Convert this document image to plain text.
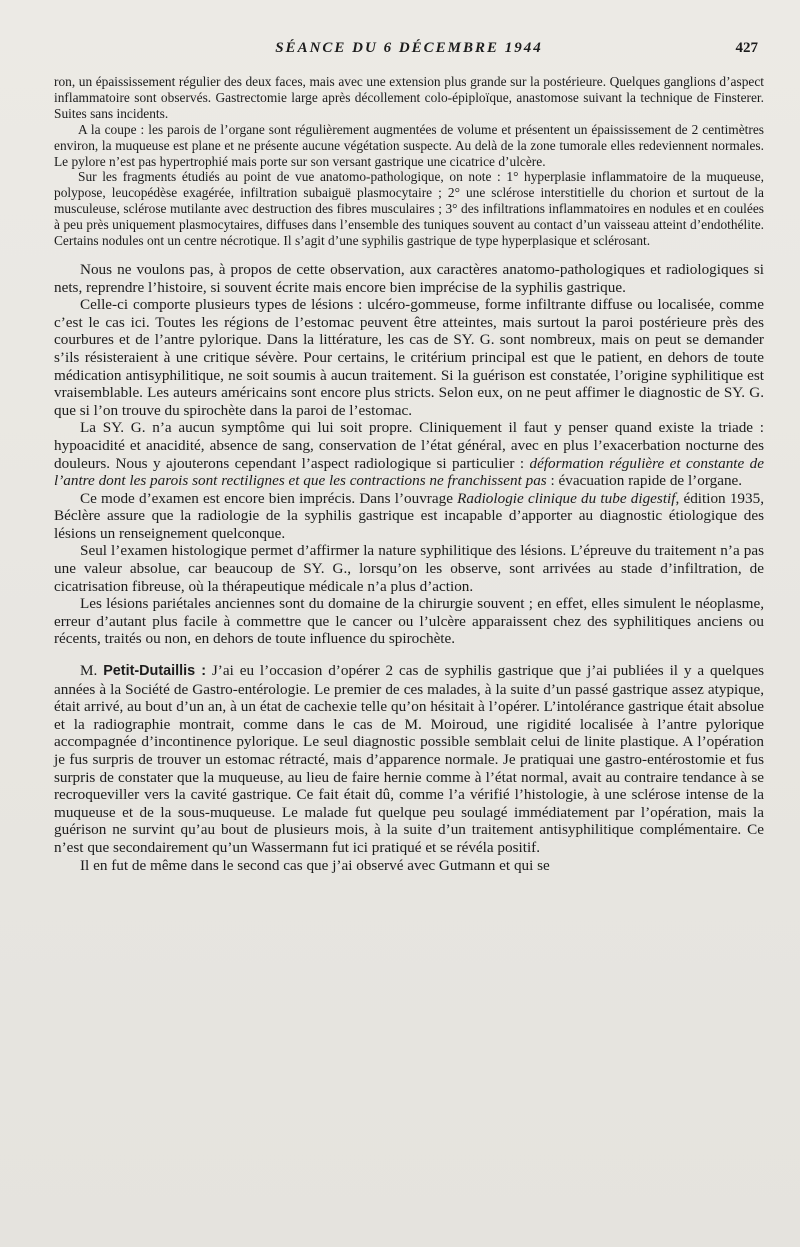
SÉANCE DU 6 DÉCEMBRE 1944	427

ron, un épaississement régulier des deux faces, mais avec une extension plus grande sur la postérieure. Quelques ganglions d’aspect inflammatoire sont observés. Gastrectomie large après décollement colo-épiploïque, anastomose suivant la technique de Finsterer. Suites sans incidents.

A la coupe : les parois de l’organe sont régulièrement augmentées de volume et présentent un épaississement de 2 centimètres environ, la muqueuse est plane et ne présente aucune végétation suspecte. Au delà de la zone tumorale elles redeviennent normales. Le pylore n’est pas hypertrophié mais porte sur son versant gastrique une cicatrice d’ulcère.

Sur les fragments étudiés au point de vue anatomo-pathologique, on note : 1° hyperplasie inflammatoire de la muqueuse, polypose, leucopédèse exagérée, infiltration subaiguë plasmocytaire ; 2° une sclérose interstitielle du chorion et surtout de la musculeuse, sclérose mutilante avec destruction des fibres musculaires ; 3° des infiltrations inflammatoires en nodules et en coulées à peu près uniquement plasmocytaires, diffuses dans l’ensemble des tuniques souvent au contact d’un vaisseau atteint d’endothélite. Certains nodules ont un centre nécrotique. Il s’agit d’une syphilis gastrique de type hyperplasique et sclérosant.

Nous ne voulons pas, à propos de cette observation, aux caractères anatomo-pathologiques et radiologiques si nets, reprendre l’histoire, si souvent écrite mais encore bien imprécise de la syphilis gastrique.

Celle-ci comporte plusieurs types de lésions : ulcéro-gommeuse, forme infiltrante diffuse ou localisée, comme c’est le cas ici. Toutes les régions de l’estomac peuvent être atteintes, mais surtout la paroi postérieure près des courbures et de l’antre pylorique. Dans la littérature, les cas de SY. G. sont nombreux, mais on peut se demander s’ils résisteraient à une critique sévère. Pour certains, le critérium principal est que le patient, en dehors de toute médication antisyphilitique, ne soit soumis à aucun traitement. Si la guérison est constatée, l’origine syphilitique est vraisemblable. Les auteurs américains sont encore plus stricts. Selon eux, on ne peut affimer le diagnostic de SY. G. que si l’on trouve du spirochète dans la paroi de l’estomac.

La SY. G. n’a aucun symptôme qui lui soit propre. Cliniquement il faut y penser quand existe la triade : hypoacidité et anacidité, absence de sang, conservation de l’état général, avec en plus l’exacerbation nocturne des douleurs. Nous y ajouterons cependant l’aspect radiologique si particulier : déformation régulière et constante de l’antre dont les parois sont rectilignes et que les contractions ne franchissent pas : évacuation rapide de l’organe.

Ce mode d’examen est encore bien imprécis. Dans l’ouvrage Radiologie clinique du tube digestif, édition 1935, Béclère assure que la radiologie de la syphilis gastrique est incapable d’apporter au diagnostic étiologique des lésions un renseignement quelconque.

Seul l’examen histologique permet d’affirmer la nature syphilitique des lésions. L’épreuve du traitement n’a pas une valeur absolue, car beaucoup de SY. G., lorsqu’on les observe, sont arrivées au stade d’infiltration, de cicatrisation fibreuse, où la thérapeutique médicale n’a plus d’action.

Les lésions pariétales anciennes sont du domaine de la chirurgie souvent ; en effet, elles simulent le néoplasme, erreur d’autant plus facile à commettre que le cancer ou l’ulcère apparaissent chez des syphilitiques anciens ou récents, traités ou non, en dehors de toute influence du spirochète.

M. Petit-Dutaillis : J’ai eu l’occasion d’opérer 2 cas de syphilis gastrique que j’ai publiées il y a quelques années à la Société de Gastro-entérologie. Le premier de ces malades, à la suite d’un passé gastrique assez atypique, était arrivé, au bout d’un an, à un état de cachexie telle qu’on hésitait à l’opérer. L’intolérance gastrique était absolue et la radiographie montrait, comme dans le cas de M. Moiroud, une rigidité localisée à l’antre pylorique accompagnée d’incontinence pylorique. Le seul diagnostic possible semblait celui de linite plastique. A l’opération je fus surpris de trouver un estomac rétracté, mais d’apparence normale. Je pratiquai une gastro-entérostomie et fus surpris de constater que la muqueuse, au lieu de faire hernie comme à l’état normal, avait au contraire tendance à se recroqueviller vers la cavité gastrique. Ce fait était dû, comme l’a vérifié l’histologie, à une sclérose intense de la muqueuse et de la sous-muqueuse. Le malade fut quelque peu soulagé immédiatement par l’opération, mais la guérison ne survint qu’au bout de plusieurs mois, à la suite d’un traitement antisyphilitique complémentaire. Ce n’est que secondairement qu’un Wassermann fut ici pratiqué et se révéla positif.

Il en fut de même dans le second cas que j’ai observé avec Gutmann et qui se
